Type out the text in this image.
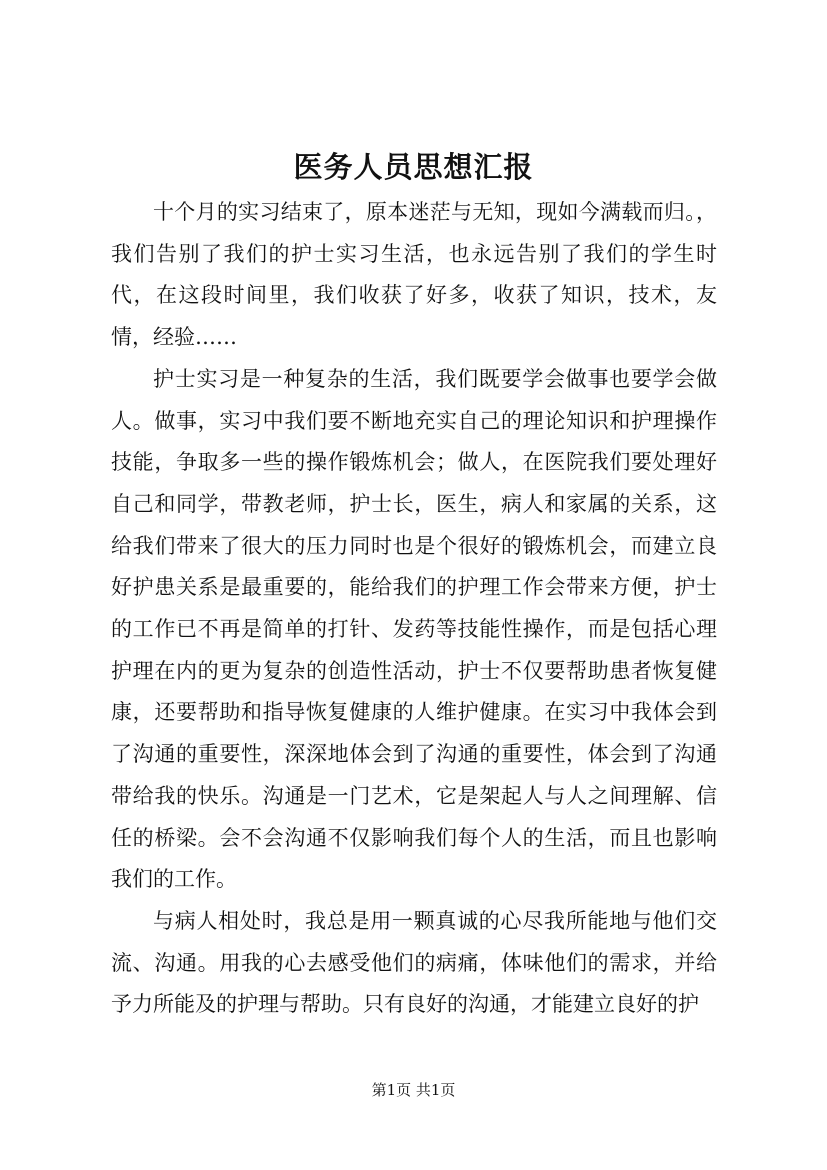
医务人员思想汇报

十个月的实习结束了，原本迷茫与无知，现如今满载而归。，我们告别了我们的护士实习生活，也永远告别了我们的学生时代，在这段时间里，我们收获了好多，收获了知识，技术，友情，经验……

护士实习是一种复杂的生活，我们既要学会做事也要学会做人。做事，实习中我们要不断地充实自己的理论知识和护理操作技能，争取多一些的操作锻炼机会；做人，在医院我们要处理好自己和同学，带教老师，护士长，医生，病人和家属的关系，这给我们带来了很大的压力同时也是个很好的锻炼机会，而建立良好护患关系是最重要的，能给我们的护理工作会带来方便，护士的工作已不再是简单的打针、发药等技能性操作，而是包括心理护理在内的更为复杂的创造性活动，护士不仅要帮助患者恢复健康，还要帮助和指导恢复健康的人维护健康。在实习中我体会到了沟通的重要性，深深地体会到了沟通的重要性，体会到了沟通带给我的快乐。沟通是一门艺术，它是架起人与人之间理解、信任的桥梁。会不会沟通不仅影响我们每个人的生活，而且也影响我们的工作。

与病人相处时，我总是用一颗真诚的心尽我所能地与他们交流、沟通。用我的心去感受他们的病痛，体味他们的需求，并给予力所能及的护理与帮助。只有良好的沟通，才能建立良好的护

第1页 共1页
